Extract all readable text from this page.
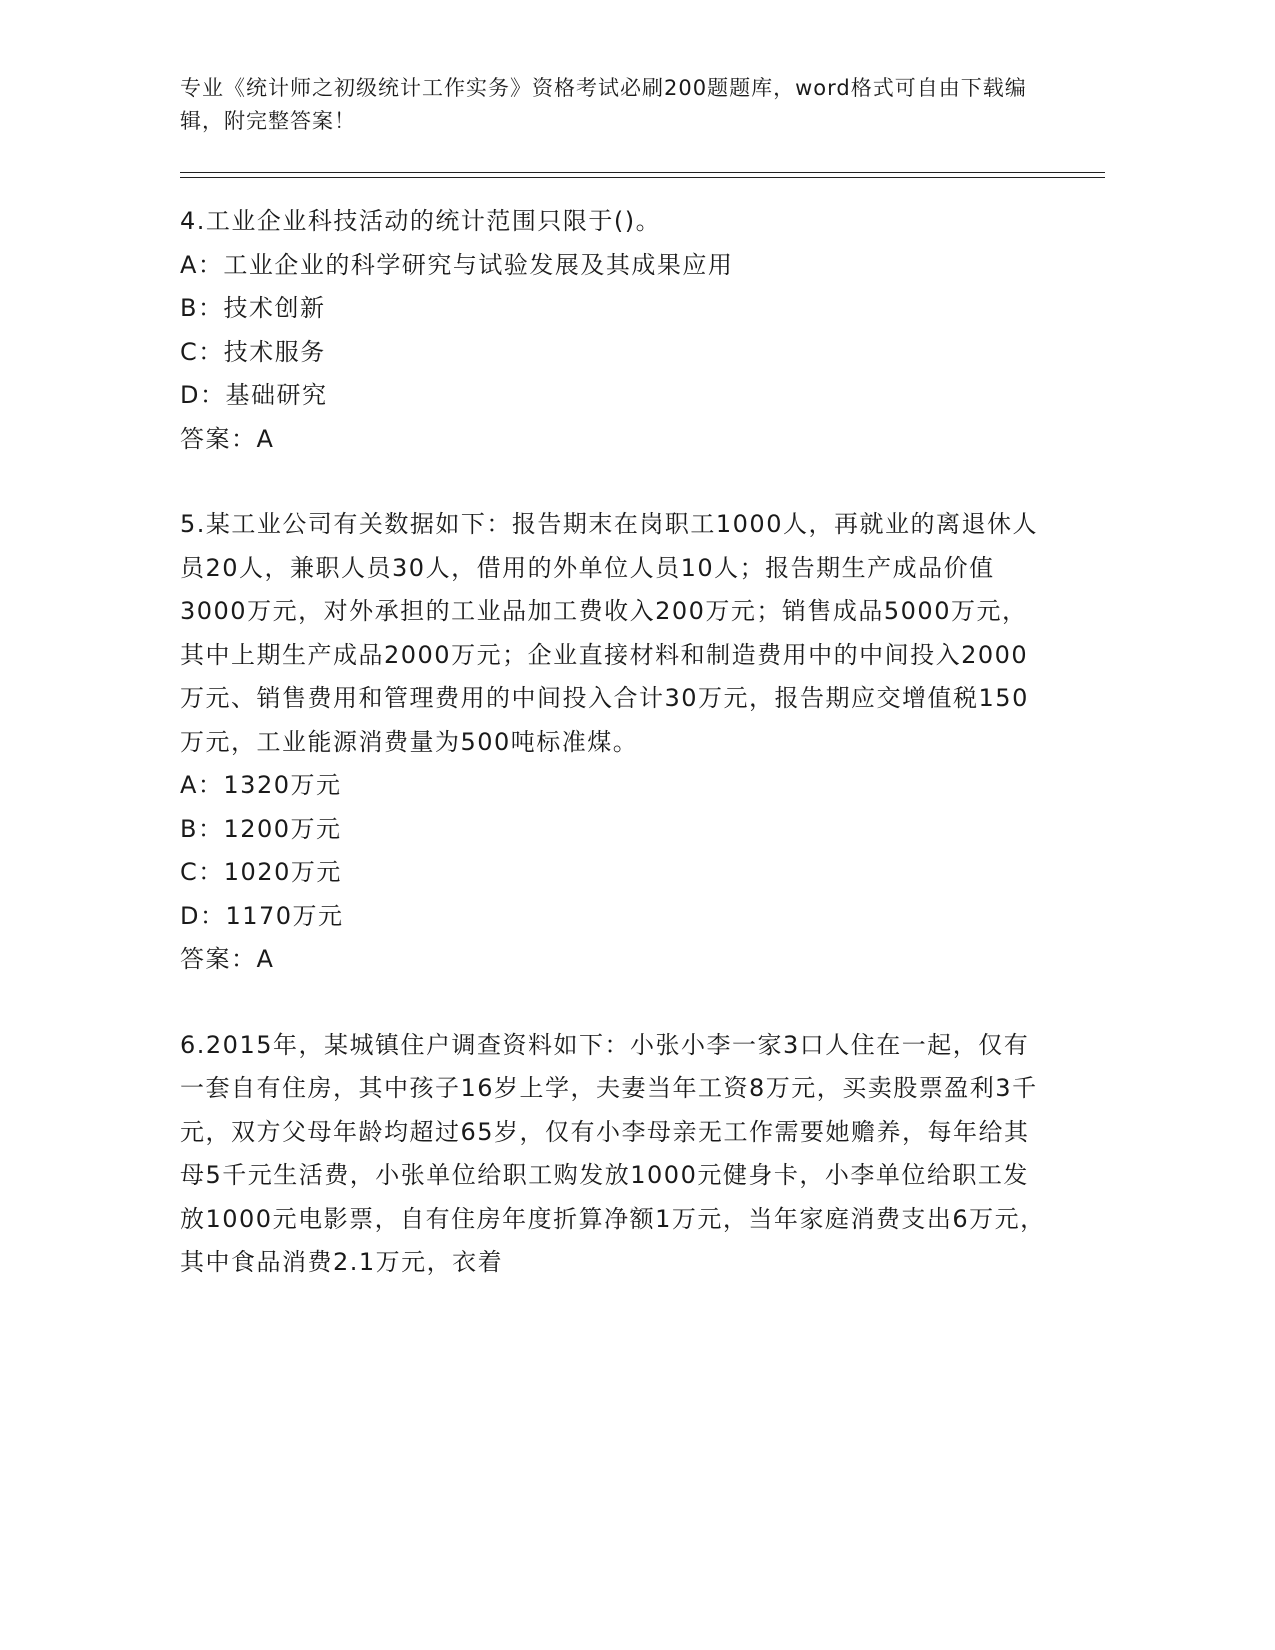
专业《统计师之初级统计工作实务》资格考试必刷200题题库，word格式可自由下载编辑，附完整答案！
4.工业企业科技活动的统计范围只限于()。
A：工业企业的科学研究与试验发展及其成果应用
B：技术创新
C：技术服务
D：基础研究
答案：A
5.某工业公司有关数据如下：报告期末在岗职工1000人，再就业的离退休人员20人，兼职人员30人，借用的外单位人员10人；报告期生产成品价值3000万元，对外承担的工业品加工费收入200万元；销售成品5000万元，其中上期生产成品2000万元；企业直接材料和制造费用中的中间投入2000万元、销售费用和管理费用的中间投入合计30万元，报告期应交增值税150万元，工业能源消费量为500吨标准煤。
A：1320万元
B：1200万元
C：1020万元
D：1170万元
答案：A
6.2015年，某城镇住户调查资料如下：小张小李一家3口人住在一起，仅有一套自有住房，其中孩子16岁上学，夫妻当年工资8万元，买卖股票盈利3千元，双方父母年龄均超过65岁，仅有小李母亲无工作需要她赡养，每年给其母5千元生活费，小张单位给职工购发放1000元健身卡，小李单位给职工发放1000元电影票，自有住房年度折算净额1万元，当年家庭消费支出6万元，其中食品消费2.1万元，衣着
